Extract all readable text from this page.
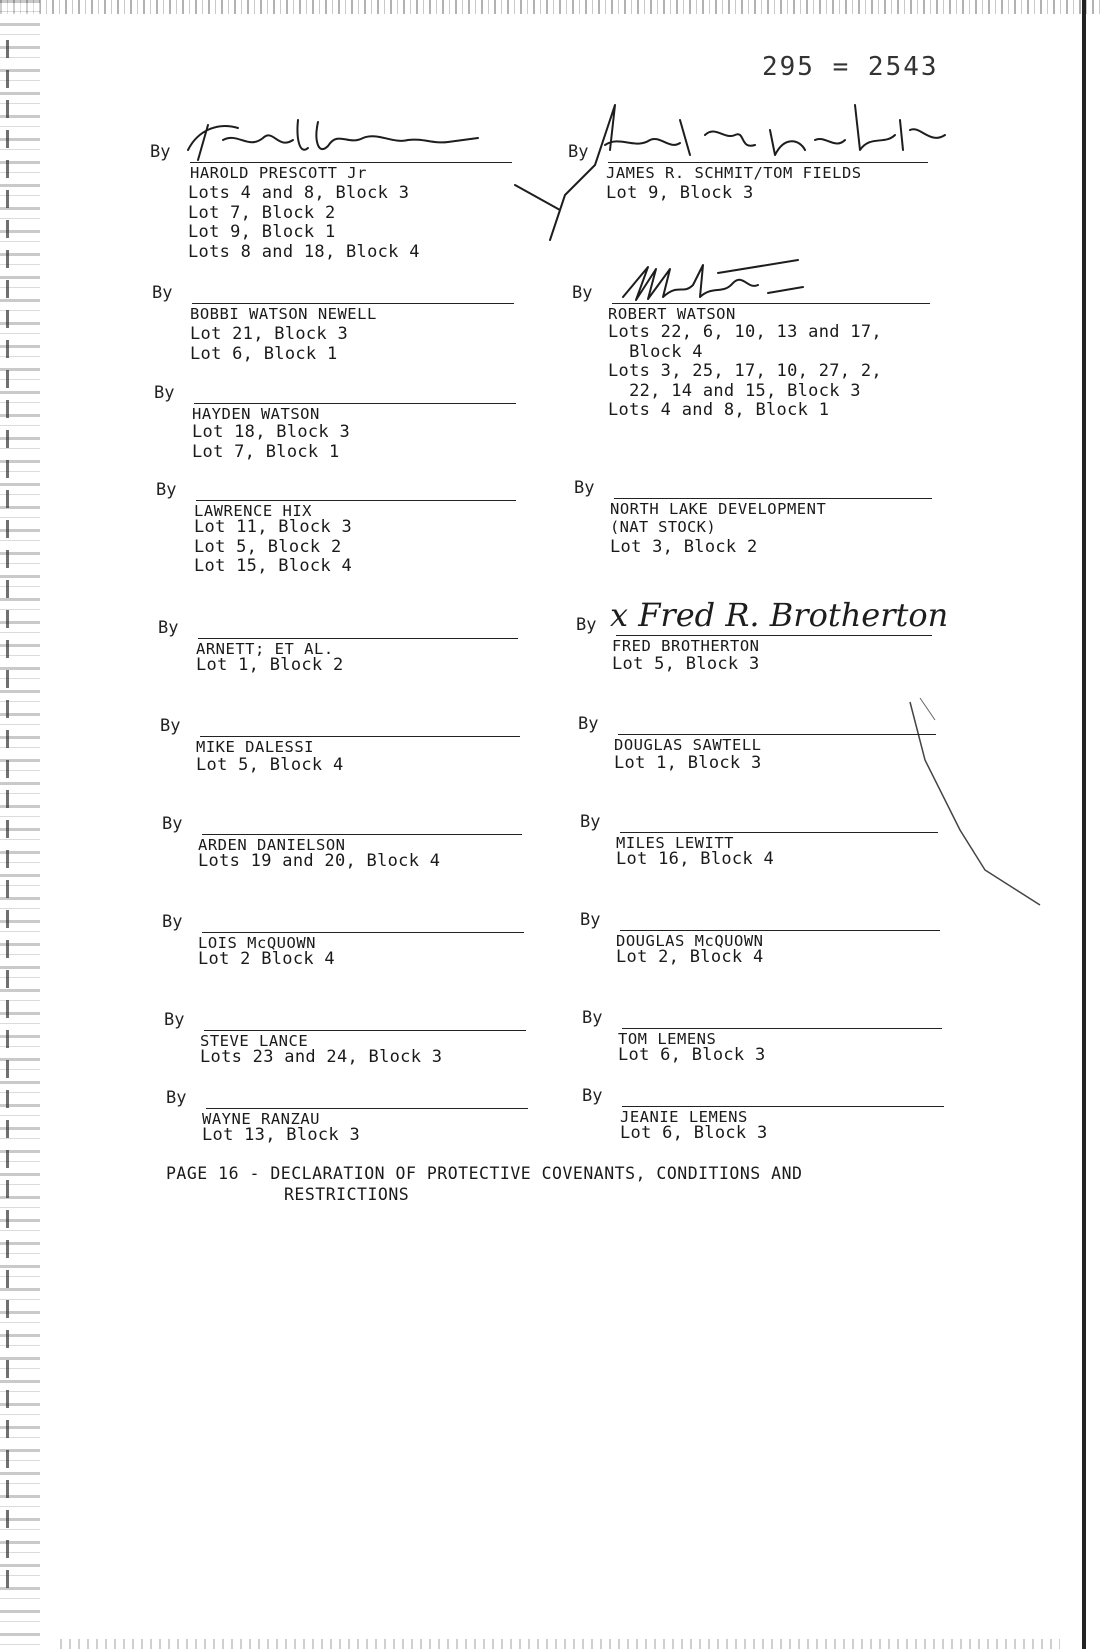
295 = 2543
By
HAROLD PRESCOTT Jr
Lots 4 and 8, Block 3
Lot 7, Block 2
Lot 9, Block 1
Lots 8 and 18, Block 4
By
JAMES R. SCHMIT/TOM FIELDS
Lot 9, Block 3
By
BOBBI WATSON NEWELL
Lot 21, Block 3
Lot 6, Block 1
By
ROBERT WATSON
Lots 22, 6, 10, 13 and 17,
Block 4
Lots 3, 25, 17, 10, 27, 2,
22, 14 and 15, Block 3
Lots 4 and 8, Block 1
By
HAYDEN WATSON
Lot 18, Block 3
Lot 7, Block 1
By
LAWRENCE HIX
Lot 11, Block 3
Lot 5, Block 2
Lot 15, Block 4
By
NORTH LAKE DEVELOPMENT
(NAT STOCK)
Lot 3, Block 2
By
ARNETT; ET AL.
Lot 1, Block 2
By
FRED BROTHERTON
Lot 5, Block 3
x Fred R. Brotherton
By
MIKE DALESSI
Lot 5, Block 4
By
DOUGLAS SAWTELL
Lot 1, Block 3
By
ARDEN DANIELSON
Lots 19 and 20, Block 4
By
MILES LEWITT
Lot 16, Block 4
By
LOIS McQUOWN
Lot 2 Block 4
By
DOUGLAS McQUOWN
Lot 2, Block 4
By
STEVE LANCE
Lots 23 and 24, Block 3
By
TOM LEMENS
Lot 6, Block 3
By
WAYNE RANZAU
Lot 13, Block 3
By
JEANIE LEMENS
Lot 6, Block 3
PAGE 16 - DECLARATION OF PROTECTIVE COVENANTS, CONDITIONS AND
RESTRICTIONS
